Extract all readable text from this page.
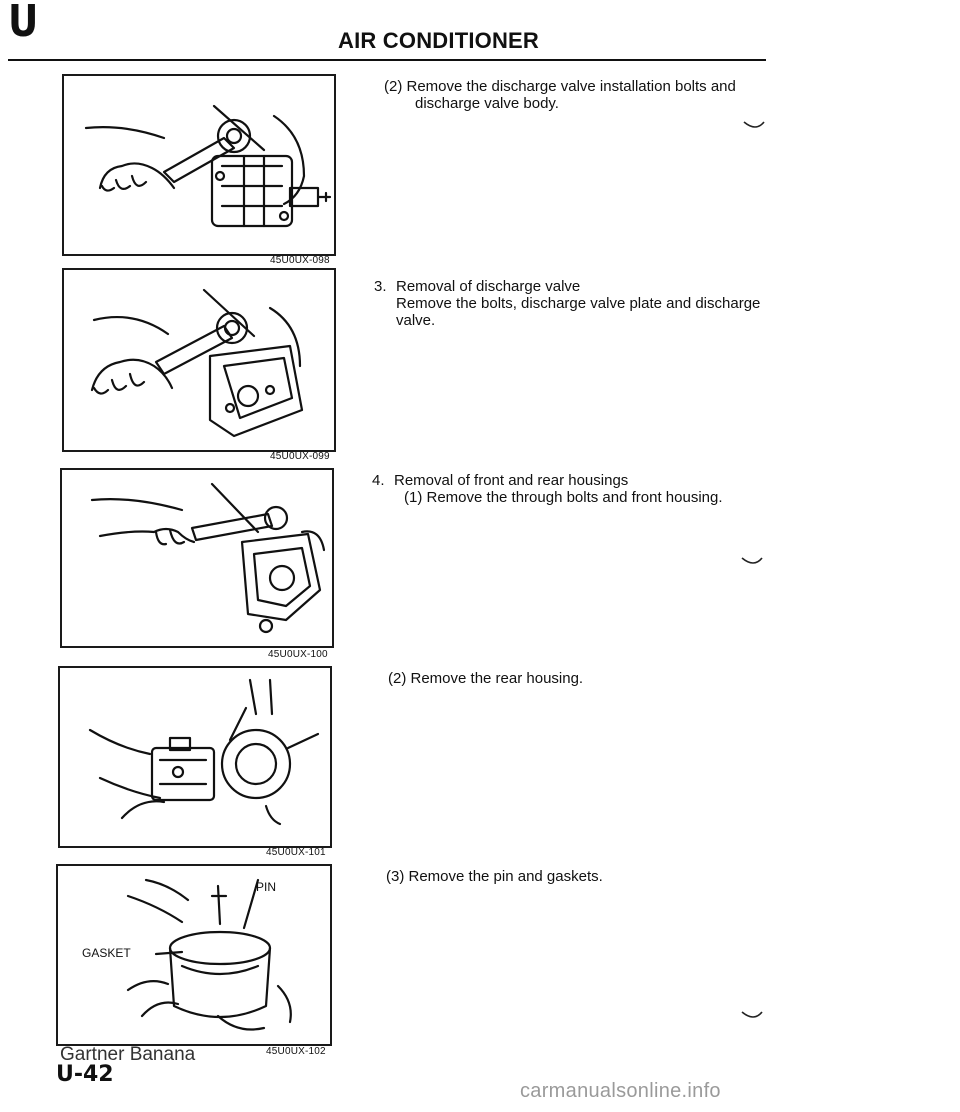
U	AIR CONDITIONER
45U0UX-098
45U0UX-099
45U0UX-100
45U0UX-101
PIN
GASKET
45U0UX-102
(2) Remove the discharge valve installation bolts and
discharge valve body.
3. Removal of discharge valve
Remove the bolts, discharge valve plate and discharge
valve.
4. Removal of front and rear housings
(1) Remove the through bolts and front housing.
(2) Remove the rear housing.
(3) Remove the pin and gaskets.
Gartner Banana
U-42
carmanualsonline.info
